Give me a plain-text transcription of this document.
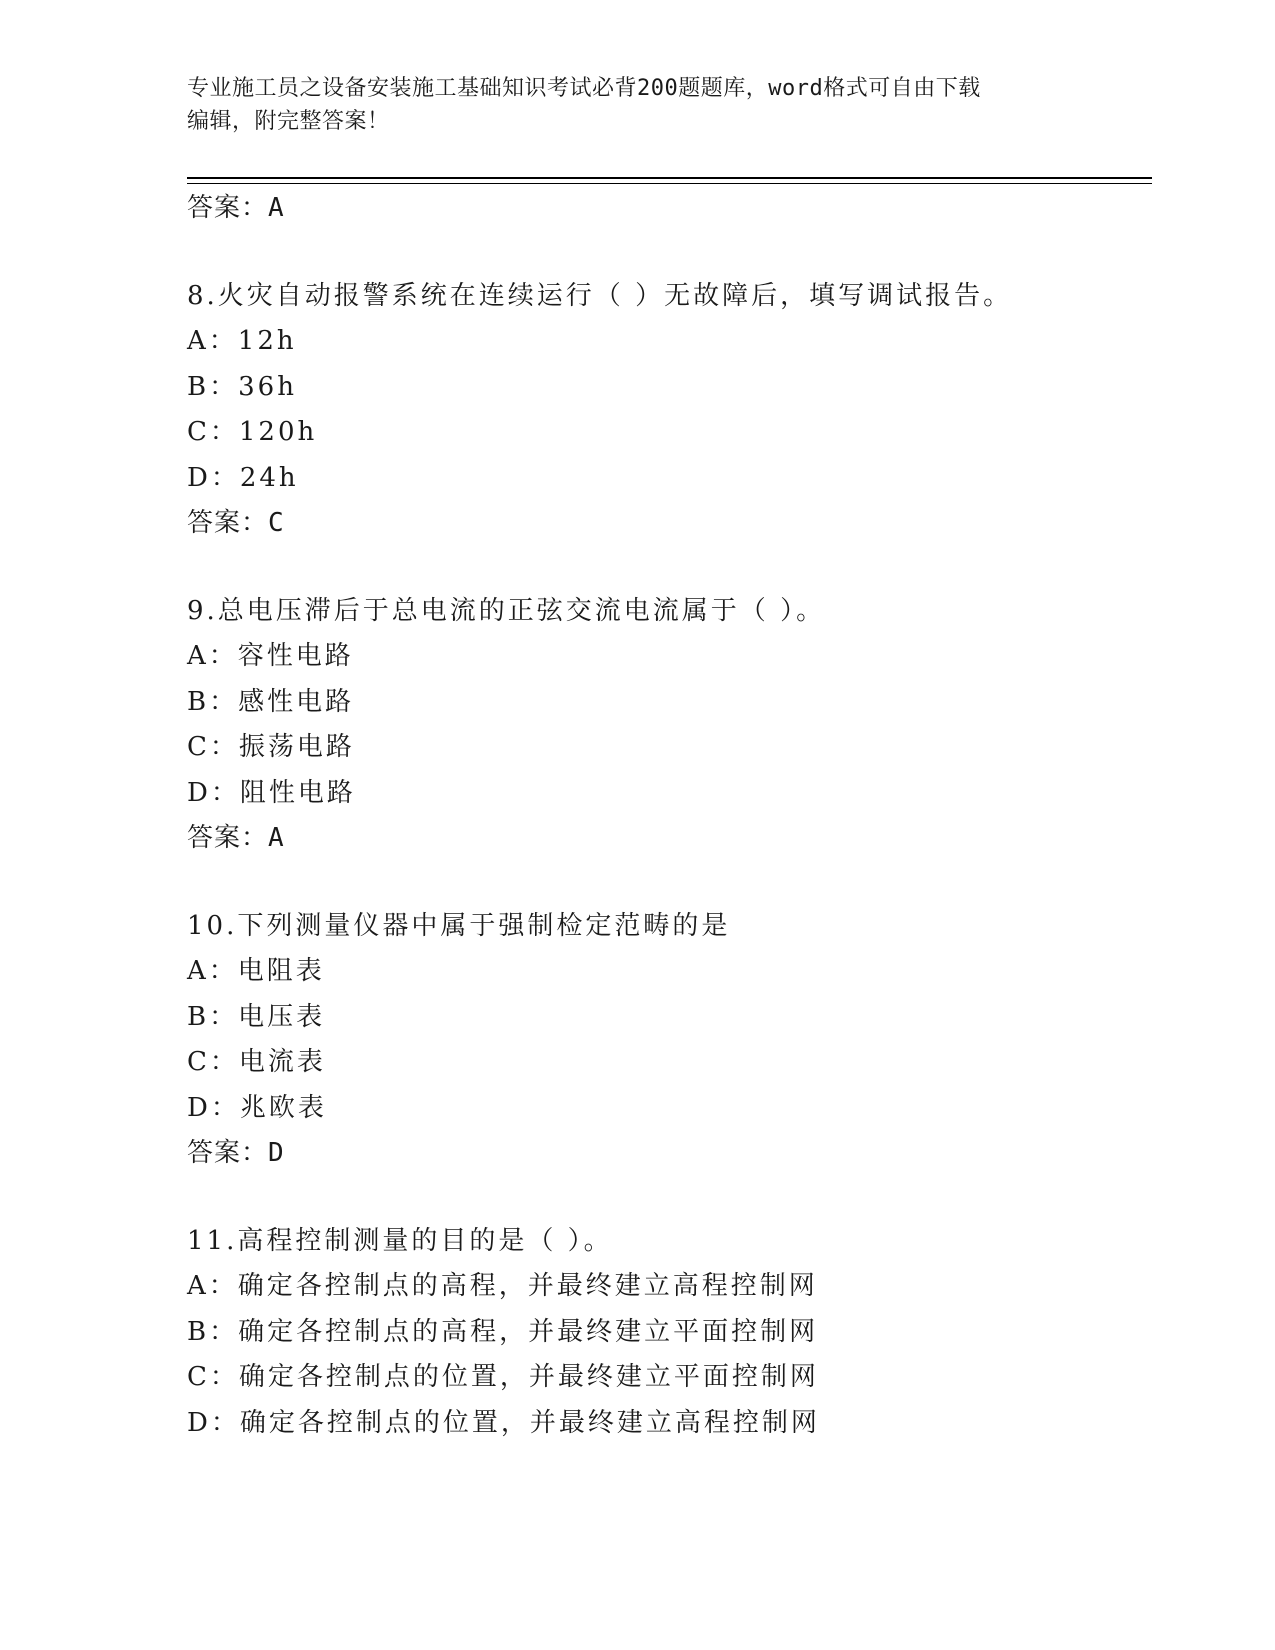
专业施工员之设备安装施工基础知识考试必背200题题库，word格式可自由下载
编辑，附完整答案！
答案：A
8.火灾自动报警系统在连续运行（ ）无故障后，填写调试报告。
A：12h
B：36h
C：120h
D：24h
答案：C
9.总电压滞后于总电流的正弦交流电流属于（ ）。
A：容性电路
B：感性电路
C：振荡电路
D：阻性电路
答案：A
10.下列测量仪器中属于强制检定范畴的是
A：电阻表
B：电压表
C：电流表
D：兆欧表
答案：D
11.高程控制测量的目的是（ ）。
A：确定各控制点的高程，并最终建立高程控制网
B：确定各控制点的高程，并最终建立平面控制网
C：确定各控制点的位置，并最终建立平面控制网
D：确定各控制点的位置，并最终建立高程控制网
